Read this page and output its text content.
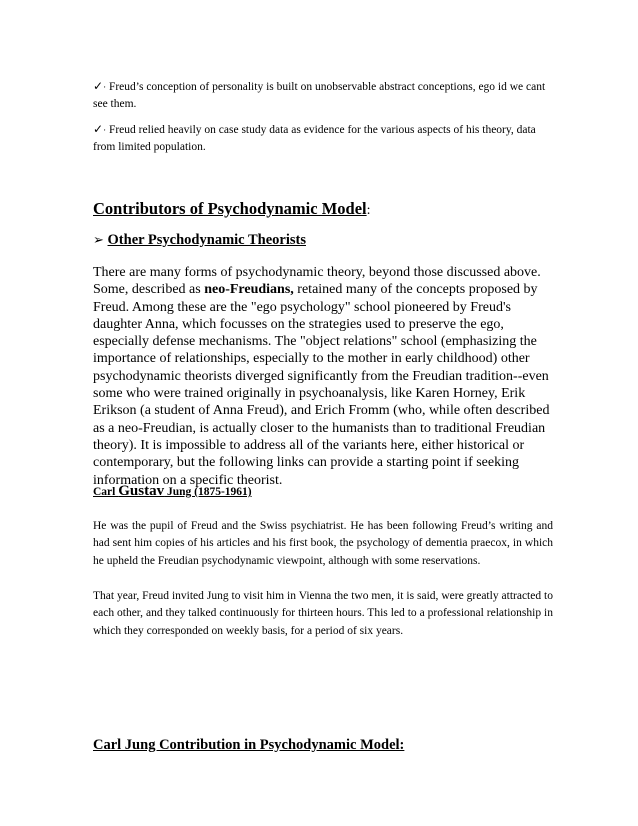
✓· Freud’s conception of personality is built on unobservable abstract conceptions, ego id we cant see them.
✓· Freud relied heavily on case study data as evidence for the various aspects of his theory, data from limited population.
Contributors of Psychodynamic Model:
➢ Other Psychodynamic Theorists
There are many forms of psychodynamic theory, beyond those discussed above. Some, described as neo-Freudians, retained many of the concepts proposed by Freud. Among these are the "ego psychology" school pioneered by Freud's daughter Anna, which focusses on the strategies used to preserve the ego, especially defense mechanisms. The "object relations" school (emphasizing the importance of relationships, especially to the mother in early childhood) other psychodynamic theorists diverged significantly from the Freudian tradition--even some who were trained originally in psychoanalysis, like Karen Horney, Erik Erikson (a student of Anna Freud), and Erich Fromm (who, while often described as a neo-Freudian, is actually closer to the humanists than to traditional Freudian theory). It is impossible to address all of the variants here, either historical or contemporary, but the following links can provide a starting point if seeking information on a specific theorist.
Carl Gustav Jung (1875-1961)
He was the pupil of Freud and the Swiss psychiatrist. He has been following Freud’s writing and had sent him copies of his articles and his first book, the psychology of dementia praecox, in which he upheld the Freudian psychodynamic viewpoint, although with some reservations.
That year, Freud invited Jung to visit him in Vienna the two men, it is said, were greatly attracted to each other, and they talked continuously for thirteen hours. This led to a professional relationship in which they corresponded on weekly basis, for a period of six years.
Carl Jung Contribution in Psychodynamic Model:
